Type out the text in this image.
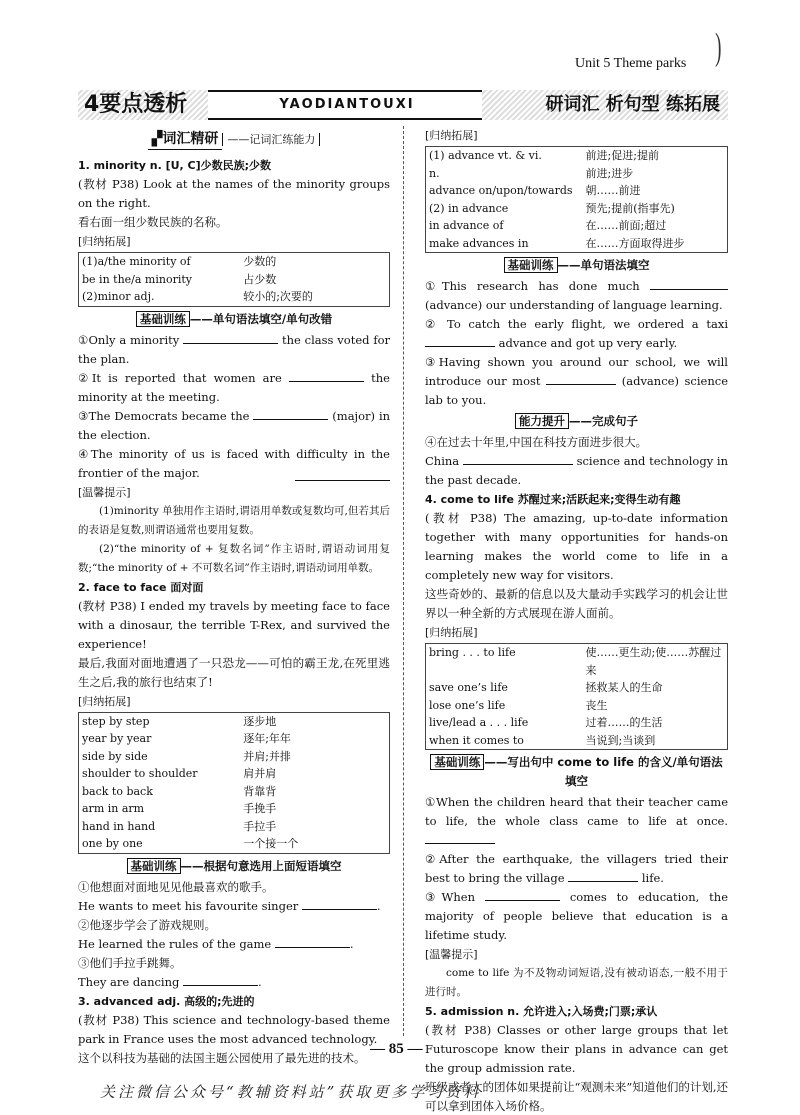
Unit 5 Theme parks )
4要点透析	YAODIANTOUXI	研词汇 析句型 练拓展
▞词汇精研 ——记词汇练能力
1. minority n. [U, C]少数民族;少数

(教材 P38) Look at the names of the minority groups on the right.

看右面一组少数民族的名称。

[ 归纳拓展 ]
(1)a/the minority of	少数的
be in the/a minority	占少数
(2)minor adj.	较小的;次要的
基础训练 ——单句语法填空/单句改错

①Only a minority	the class voted for the plan.

②It is reported that women are	the minority at the meeting.

③The Democrats became the	(major) in the election.

④The minority of us is faced with difficulty in the frontier of the major.

[ 温馨提示 ]

(1)minority 单独用作主语时,谓语用单数或复数均可,但若其后的表语是复数,则谓语通常也要用复数。

(2)“the minority of + 复数名词”作主语时,谓语动词用复数;“the minority of + 不可数名词”作主语时,谓语动词用单数。

2. face to face 面对面

(教材 P38) I ended my travels by meeting face to face with a dinosaur, the terrible T-Rex, and survived the experience!

最后,我面对面地遭遇了一只恐龙——可怕的霸王龙,在死里逃生之后,我的旅行也结束了!

[ 归纳拓展 ]
step by step	逐步地
year by year	逐年;年年
side by side	并肩;并排
shoulder to shoulder	肩并肩
back to back	背靠背
arm in arm	手挽手
hand in hand	手拉手
one by one	一个接一个
基础训练 ——根据句意选用上面短语填空

①他想面对面地见见他最喜欢的歌手。

He wants to meet his favourite singer	.

②他逐步学会了游戏规则。

He learned the rules of the game	.

③他们手拉手跳舞。

They are dancing	.

3. advanced adj. 高级的;先进的

(教材 P38) This science and technology-based theme park in France uses the most advanced technology.

这个以科技为基础的法国主题公园使用了最先进的技术。

[ 归纳拓展 ]
(1) advance vt. & vi.	前进;促进;提前
n.	前进;进步
advance on/upon/towards	朝……前进
(2) in advance	预先;提前(指事先)
in advance of	在……前面;超过
make advances in	在……方面取得进步
基础训练 ——单句语法填空

①This research has done much  (advance) our understanding of language learning.

② To catch the early flight, we ordered a taxi  advance and got up very early.

③Having shown you around our school, we will introduce our most	(advance) science lab to you.

能力提升 ——完成句子

④在过去十年里,中国在科技方面进步很大。

China	science and technology in the past decade.

4. come to life 苏醒过来;活跃起来;变得生动有趣

(教材 P38) The amazing, up-to-date information together with many opportunities for hands-on learning makes the world come to life in a completely new way for visitors.

这些奇妙的、最新的信息以及大量动手实践学习的机会让世界以一种全新的方式展现在游人面前。

[ 归纳拓展 ]
bring . . . to life	使……更生动;使……苏醒过来
save one’s life	拯救某人的生命
lose one’s life	丧生
live/lead a . . . life	过着……的生活
when it comes to	当说到;当谈到
基础训练 ——写出句中 come to life 的含义/单句语法填空

①When the children heard that their teacher came to life, the whole class came to life at once.

②After the earthquake, the villagers tried their best to bring the village	life.

③When	comes to education, the majority of people believe that education is a lifetime study.

[ 温馨提示 ]

come to life 为不及物动词短语,没有被动语态,一般不用于进行时。

5. admission n. 允许进入;入场费;门票;承认

(教材 P38) Classes or other large groups that let Futuroscope know their plans in advance can get the group admission rate.

班级或者大的团体如果提前让“观测未来”知道他们的计划,还可以拿到团体入场价格。

— 85 —
关注微信公众号“教辅资料站”获取更多学习资料
